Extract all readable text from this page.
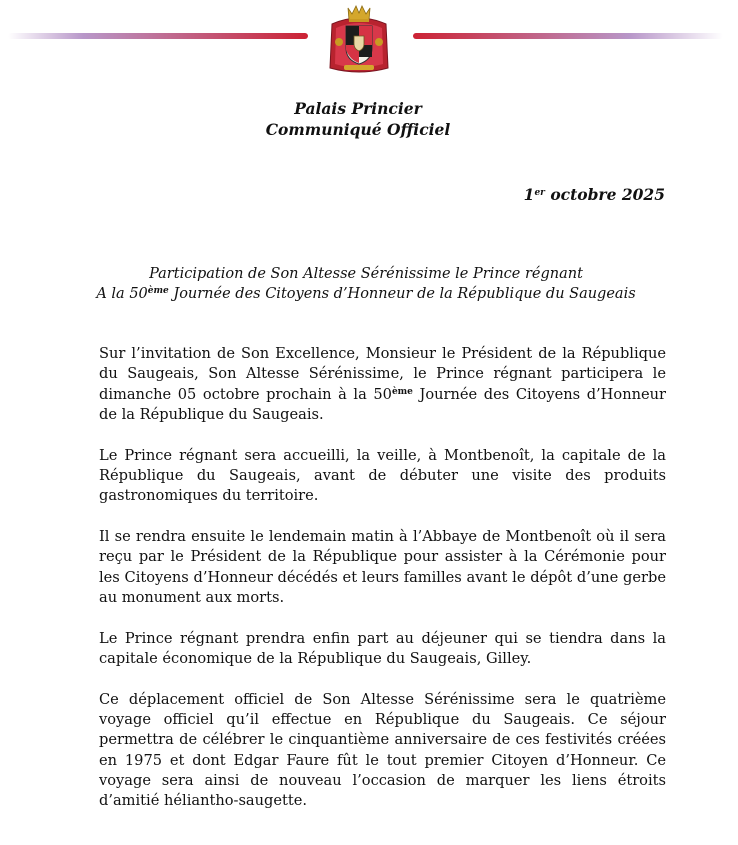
Palais Princier
Communiqué Officiel
1er octobre 2025
Participation de Son Altesse Sérénissime le Prince régnant
A la 50ème Journée des Citoyens d’Honneur de la République du Saugeais

Sur l’invitation de Son Excellence, Monsieur le Président de la République du Saugeais, Son Altesse Sérénissime, le Prince régnant participera le dimanche 05 octobre prochain à la 50ème Journée des Citoyens d’Honneur de la République du Saugeais.

Le Prince régnant sera accueilli, la veille, à Montbenoît, la capitale de la République du Saugeais, avant de débuter une visite des produits gastronomiques du territoire.

Il se rendra ensuite le lendemain matin à l’Abbaye de Montbenoît où il sera reçu par le Président de la République pour assister à la Cérémonie pour les Citoyens d’Honneur décédés et leurs familles avant le dépôt d’une gerbe au monument aux morts.

Le Prince régnant prendra enfin part au déjeuner qui se tiendra dans la capitale économique de la République du Saugeais, Gilley.

Ce déplacement officiel de Son Altesse Sérénissime sera le quatrième voyage officiel qu’il effectue en République du Saugeais. Ce séjour permettra de célébrer le cinquantième anniversaire de ces festivités créées en 1975 et dont Edgar Faure fût le tout premier Citoyen d’Honneur. Ce voyage sera ainsi de nouveau l’occasion de marquer les liens étroits d’amitié hélianthо-saugette.
